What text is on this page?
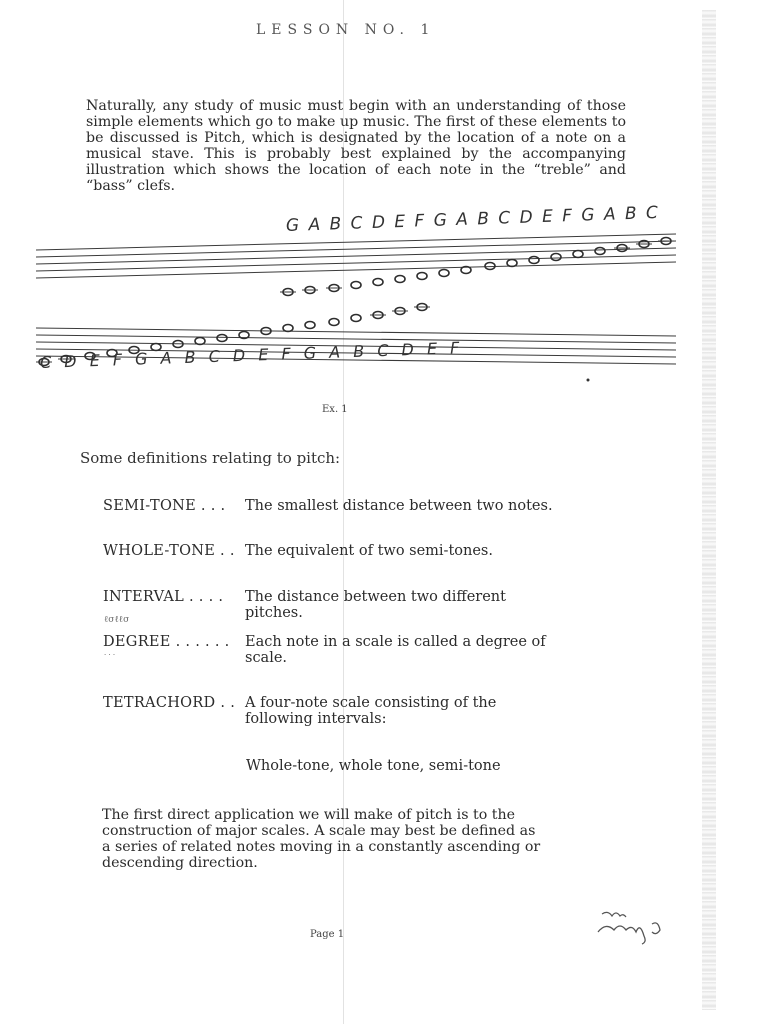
LESSON NO. 1

Naturally, any study of music must begin with an understanding of those simple elements which go to make up music. The first of these elements to be discussed is Pitch, which is designated by the location of a note on a musical stave. This is probably best explained by the accompanying illustration which shows the location of each note in the “treble” and “bass” clefs.

G A B C D E F G A B C D E F G A B C
C D E F G A B C D E F G A B C D E F
Ex. 1
Some definitions relating to pitch:
SEMI-TONE . . .	The smallest distance between two notes.
WHOLE-TONE . . The equivalent of two semi-tones.
INTERVAL . . . .	The distance between two different pitches.
DEGREE . . . . . .	Each note in a scale is called a degree of scale.
TETRACHORD . . A four-note scale consisting of the following intervals:
Whole-tone, whole tone, semi-tone

The first direct application we will make of pitch is to the construction of major scales. A scale may best be defined as a series of related notes moving in a constantly ascending or descending direction.

Page 1
ℓσℓℓσ
· · ·
